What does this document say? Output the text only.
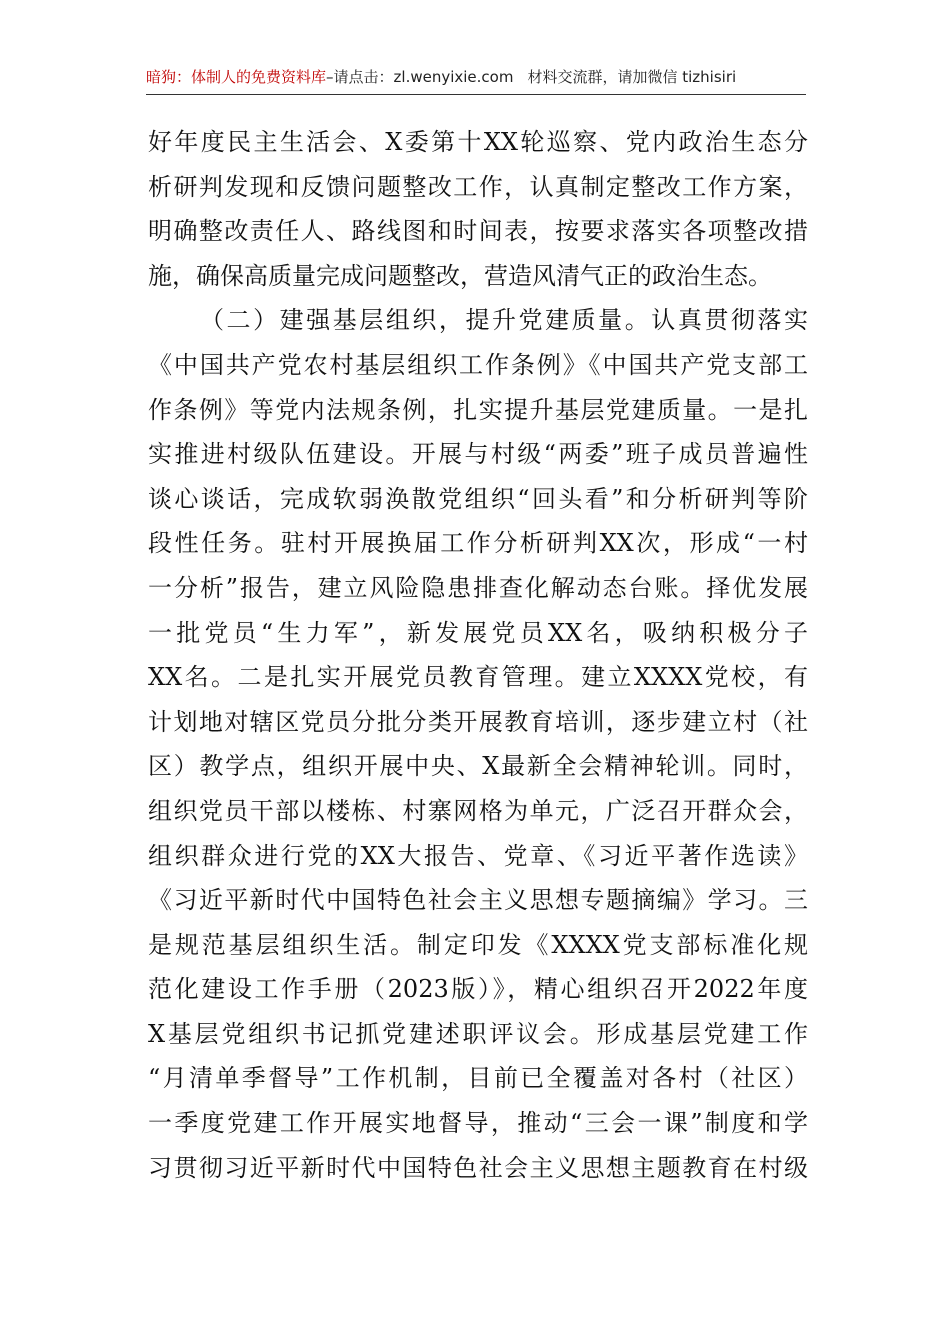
暗狗：体制人的免费资料库–请点击：zl.wenyixie.com 材料交流群，请加微信 tizhisiri
好年度民主生活会、X委第十XX轮巡察、党内政治生态分
析研判发现和反馈问题整改工作，认真制定整改工作方案，
明确整改责任人、路线图和时间表，按要求落实各项整改措
施，确保高质量完成问题整改，营造风清气正的政治生态。
（二）建强基层组织，提升党建质量。认真贯彻落实
《中国共产党农村基层组织工作条例》《中国共产党支部工
作条例》等党内法规条例，扎实提升基层党建质量。一是扎
实推进村级队伍建设。开展与村级“两委”班子成员普遍性
谈心谈话，完成软弱涣散党组织“回头看”和分析研判等阶
段性任务。驻村开展换届工作分析研判XX次，形成“一村
一分析”报告，建立风险隐患排查化解动态台账。择优发展
一批党员“生力军”，新发展党员XX名，吸纳积极分子
XX名。二是扎实开展党员教育管理。建立XXXX党校，有
计划地对辖区党员分批分类开展教育培训，逐步建立村（社
区）教学点，组织开展中央、X最新全会精神轮训。同时，
组织党员干部以楼栋、村寨网格为单元，广泛召开群众会，
组织群众进行党的XX大报告、党章、《习近平著作选读》
《习近平新时代中国特色社会主义思想专题摘编》学习。三
是规范基层组织生活。制定印发《XXXX党支部标准化规
范化建设工作手册（2023版）》，精心组织召开2022年度
X基层党组织书记抓党建述职评议会。形成基层党建工作
“月清单季督导”工作机制，目前已全覆盖对各村（社区）
一季度党建工作开展实地督导，推动“三会一课”制度和学
习贯彻习近平新时代中国特色社会主义思想主题教育在村级
